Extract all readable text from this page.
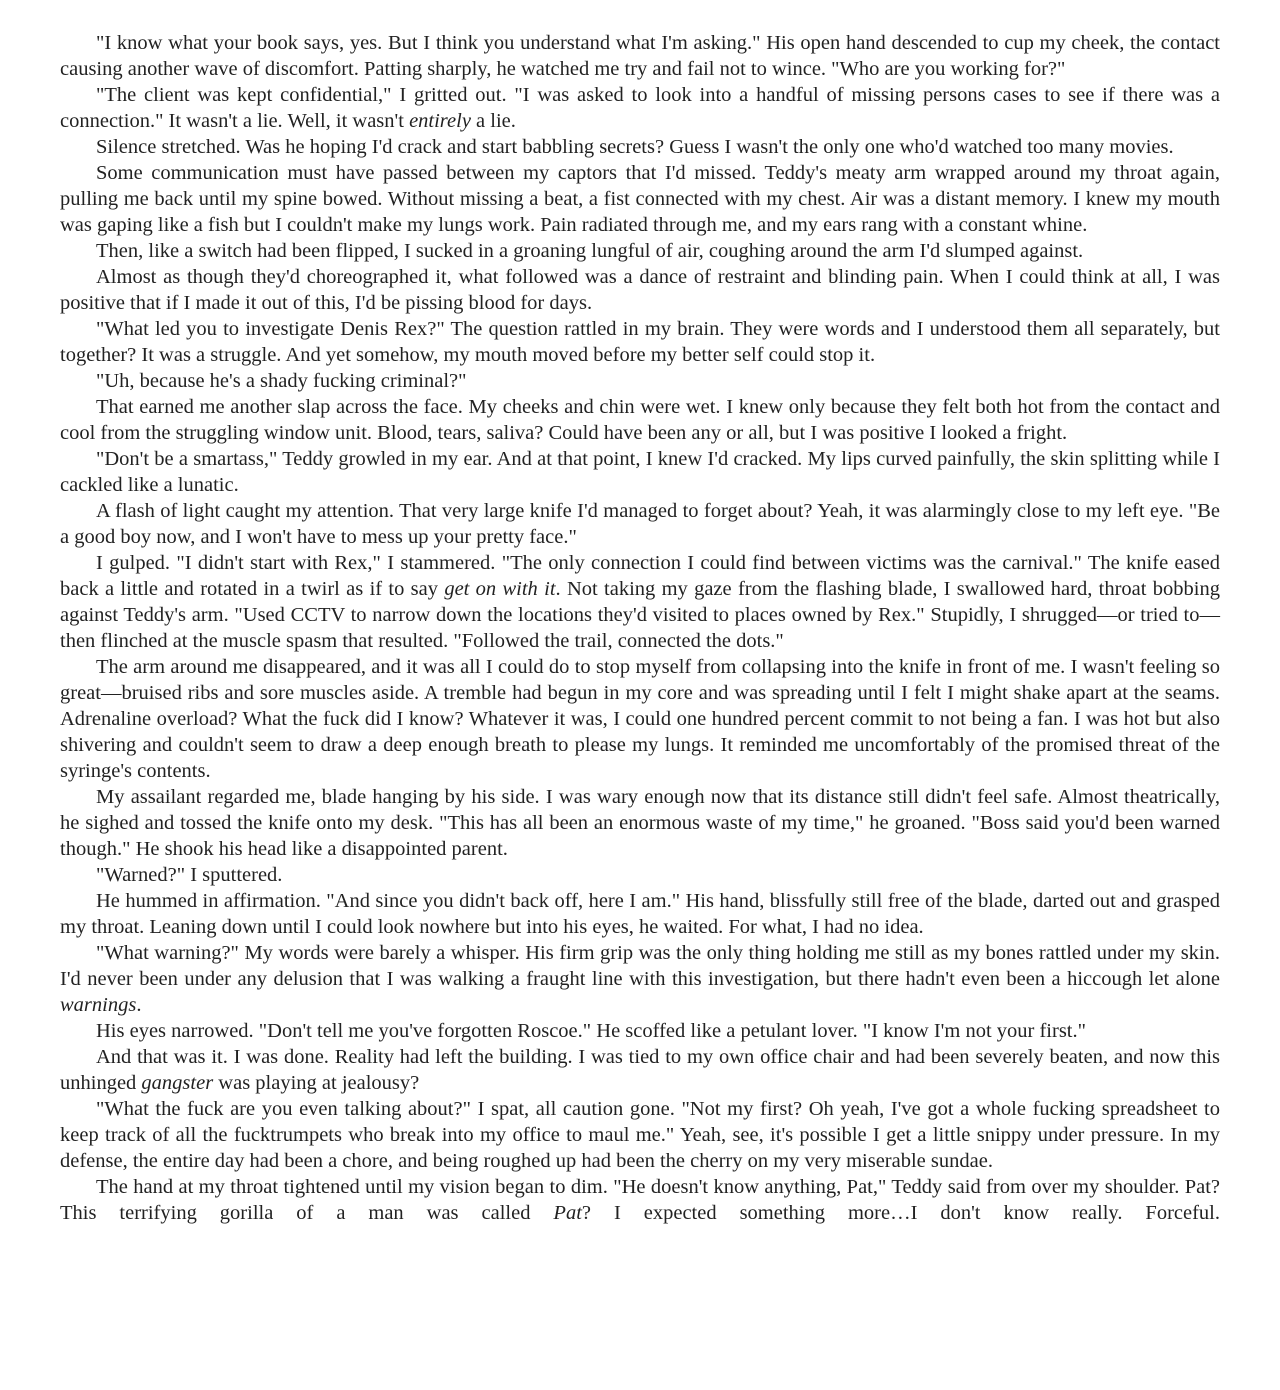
"I know what your book says, yes. But I think you understand what I'm asking." His open hand descended to cup my cheek, the contact causing another wave of discomfort. Patting sharply, he watched me try and fail not to wince. "Who are you working for?"

"The client was kept confidential," I gritted out. "I was asked to look into a handful of missing persons cases to see if there was a connection." It wasn't a lie. Well, it wasn't entirely a lie.

Silence stretched. Was he hoping I'd crack and start babbling secrets? Guess I wasn't the only one who'd watched too many movies.

Some communication must have passed between my captors that I'd missed. Teddy's meaty arm wrapped around my throat again, pulling me back until my spine bowed. Without missing a beat, a fist connected with my chest. Air was a distant memory. I knew my mouth was gaping like a fish but I couldn't make my lungs work. Pain radiated through me, and my ears rang with a constant whine.

Then, like a switch had been flipped, I sucked in a groaning lungful of air, coughing around the arm I'd slumped against.

Almost as though they'd choreographed it, what followed was a dance of restraint and blinding pain. When I could think at all, I was positive that if I made it out of this, I'd be pissing blood for days.

"What led you to investigate Denis Rex?" The question rattled in my brain. They were words and I understood them all separately, but together? It was a struggle. And yet somehow, my mouth moved before my better self could stop it.

"Uh, because he's a shady fucking criminal?"

That earned me another slap across the face. My cheeks and chin were wet. I knew only because they felt both hot from the contact and cool from the struggling window unit. Blood, tears, saliva? Could have been any or all, but I was positive I looked a fright.

"Don't be a smartass," Teddy growled in my ear. And at that point, I knew I'd cracked. My lips curved painfully, the skin splitting while I cackled like a lunatic.

A flash of light caught my attention. That very large knife I'd managed to forget about? Yeah, it was alarmingly close to my left eye. "Be a good boy now, and I won't have to mess up your pretty face."

I gulped. "I didn't start with Rex," I stammered. "The only connection I could find between victims was the carnival." The knife eased back a little and rotated in a twirl as if to say get on with it. Not taking my gaze from the flashing blade, I swallowed hard, throat bobbing against Teddy's arm. "Used CCTV to narrow down the locations they'd visited to places owned by Rex." Stupidly, I shrugged—or tried to—then flinched at the muscle spasm that resulted. "Followed the trail, connected the dots."

The arm around me disappeared, and it was all I could do to stop myself from collapsing into the knife in front of me. I wasn't feeling so great—bruised ribs and sore muscles aside. A tremble had begun in my core and was spreading until I felt I might shake apart at the seams. Adrenaline overload? What the fuck did I know? Whatever it was, I could one hundred percent commit to not being a fan. I was hot but also shivering and couldn't seem to draw a deep enough breath to please my lungs. It reminded me uncomfortably of the promised threat of the syringe's contents.

My assailant regarded me, blade hanging by his side. I was wary enough now that its distance still didn't feel safe. Almost theatrically, he sighed and tossed the knife onto my desk. "This has all been an enormous waste of my time," he groaned. "Boss said you'd been warned though." He shook his head like a disappointed parent.

"Warned?" I sputtered.

He hummed in affirmation. "And since you didn't back off, here I am." His hand, blissfully still free of the blade, darted out and grasped my throat. Leaning down until I could look nowhere but into his eyes, he waited. For what, I had no idea.

"What warning?" My words were barely a whisper. His firm grip was the only thing holding me still as my bones rattled under my skin. I'd never been under any delusion that I was walking a fraught line with this investigation, but there hadn't even been a hiccough let alone warnings.

His eyes narrowed. "Don't tell me you've forgotten Roscoe." He scoffed like a petulant lover. "I know I'm not your first."

And that was it. I was done. Reality had left the building. I was tied to my own office chair and had been severely beaten, and now this unhinged gangster was playing at jealousy?

"What the fuck are you even talking about?" I spat, all caution gone. "Not my first? Oh yeah, I've got a whole fucking spreadsheet to keep track of all the fucktrumpets who break into my office to maul me." Yeah, see, it's possible I get a little snippy under pressure. In my defense, the entire day had been a chore, and being roughed up had been the cherry on my very miserable sundae.

The hand at my throat tightened until my vision began to dim. "He doesn't know anything, Pat," Teddy said from over my shoulder. Pat? This terrifying gorilla of a man was called Pat? I expected something more…I don't know really. Forceful.
